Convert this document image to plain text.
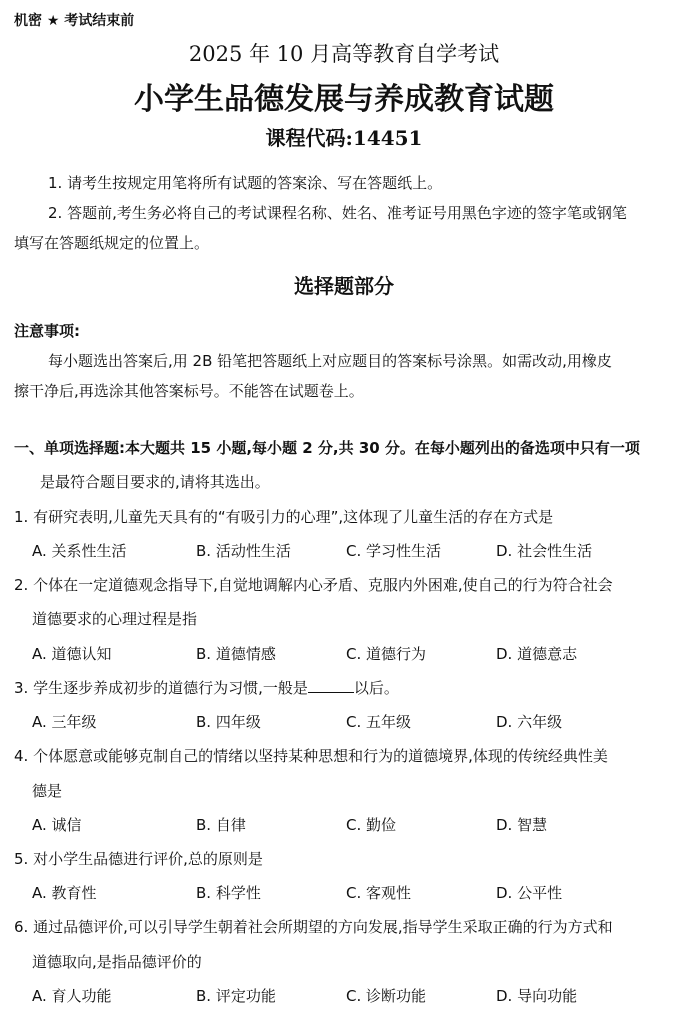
机密 ★ 考试结束前
2025 年 10 月高等教育自学考试
小学生品德发展与养成教育试题
课程代码:14451
1. 请考生按规定用笔将所有试题的答案涂、写在答题纸上。
2. 答题前,考生务必将自己的考试课程名称、姓名、准考证号用黑色字迹的签字笔或钢笔
填写在答题纸规定的位置上。
选择题部分
注意事项:
每小题选出答案后,用 2B 铅笔把答题纸上对应题目的答案标号涂黑。如需改动,用橡皮
擦干净后,再选涂其他答案标号。不能答在试题卷上。
一、单项选择题:本大题共 15 小题,每小题 2 分,共 30 分。在每小题列出的备选项中只有一项
是最符合题目要求的,请将其选出。
1. 有研究表明,儿童先天具有的“有吸引力的心理”,这体现了儿童生活的存在方式是
A. 关系性生活	B. 活动性生活	C. 学习性生活	D. 社会性生活
2. 个体在一定道德观念指导下,自觉地调解内心矛盾、克服内外困难,使自己的行为符合社会
道德要求的心理过程是指
A. 道德认知	B. 道德情感	C. 道德行为	D. 道德意志
3. 学生逐步养成初步的道德行为习惯,一般是	以后。
A. 三年级	B. 四年级	C. 五年级	D. 六年级
4. 个体愿意或能够克制自己的情绪以坚持某种思想和行为的道德境界,体现的传统经典性美
德是
A. 诚信	B. 自律	C. 勤俭	D. 智慧
5. 对小学生品德进行评价,总的原则是
A. 教育性	B. 科学性	C. 客观性	D. 公平性
6. 通过品德评价,可以引导学生朝着社会所期望的方向发展,指导学生采取正确的行为方式和
道德取向,是指品德评价的
A. 育人功能	B. 评定功能	C. 诊断功能	D. 导向功能
